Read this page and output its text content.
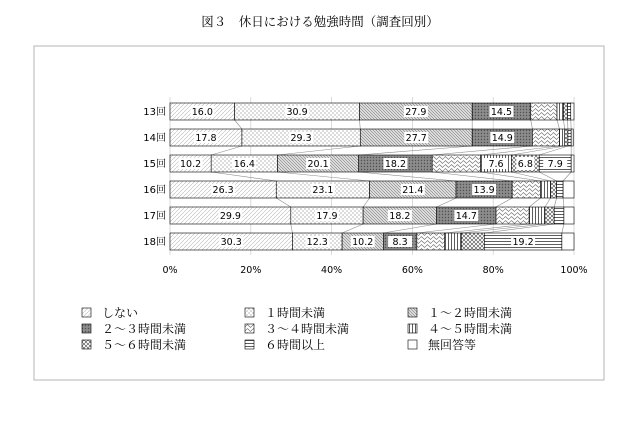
図３　休日における勉強時間（調査回別）
16.0	30.9	27.9	14.5
17.8	29.3	27.7	14.9
10.2	16.4	20.1	18.2	7.6 6.8 7.9
26.3	23.1	21.4	13.9
29.9	17.9	18.2	14.7
30.3	12.3	10.2 8.3	19.2
13回
14回
15回
16回
17回
18回
0%	20%	40%	60%	80%	100%
しない	１時間未満	１～２時間未満
２～３時間未満	３～４時間未満	４～５時間未満
５～６時間未満	６時間以上	無回答等
